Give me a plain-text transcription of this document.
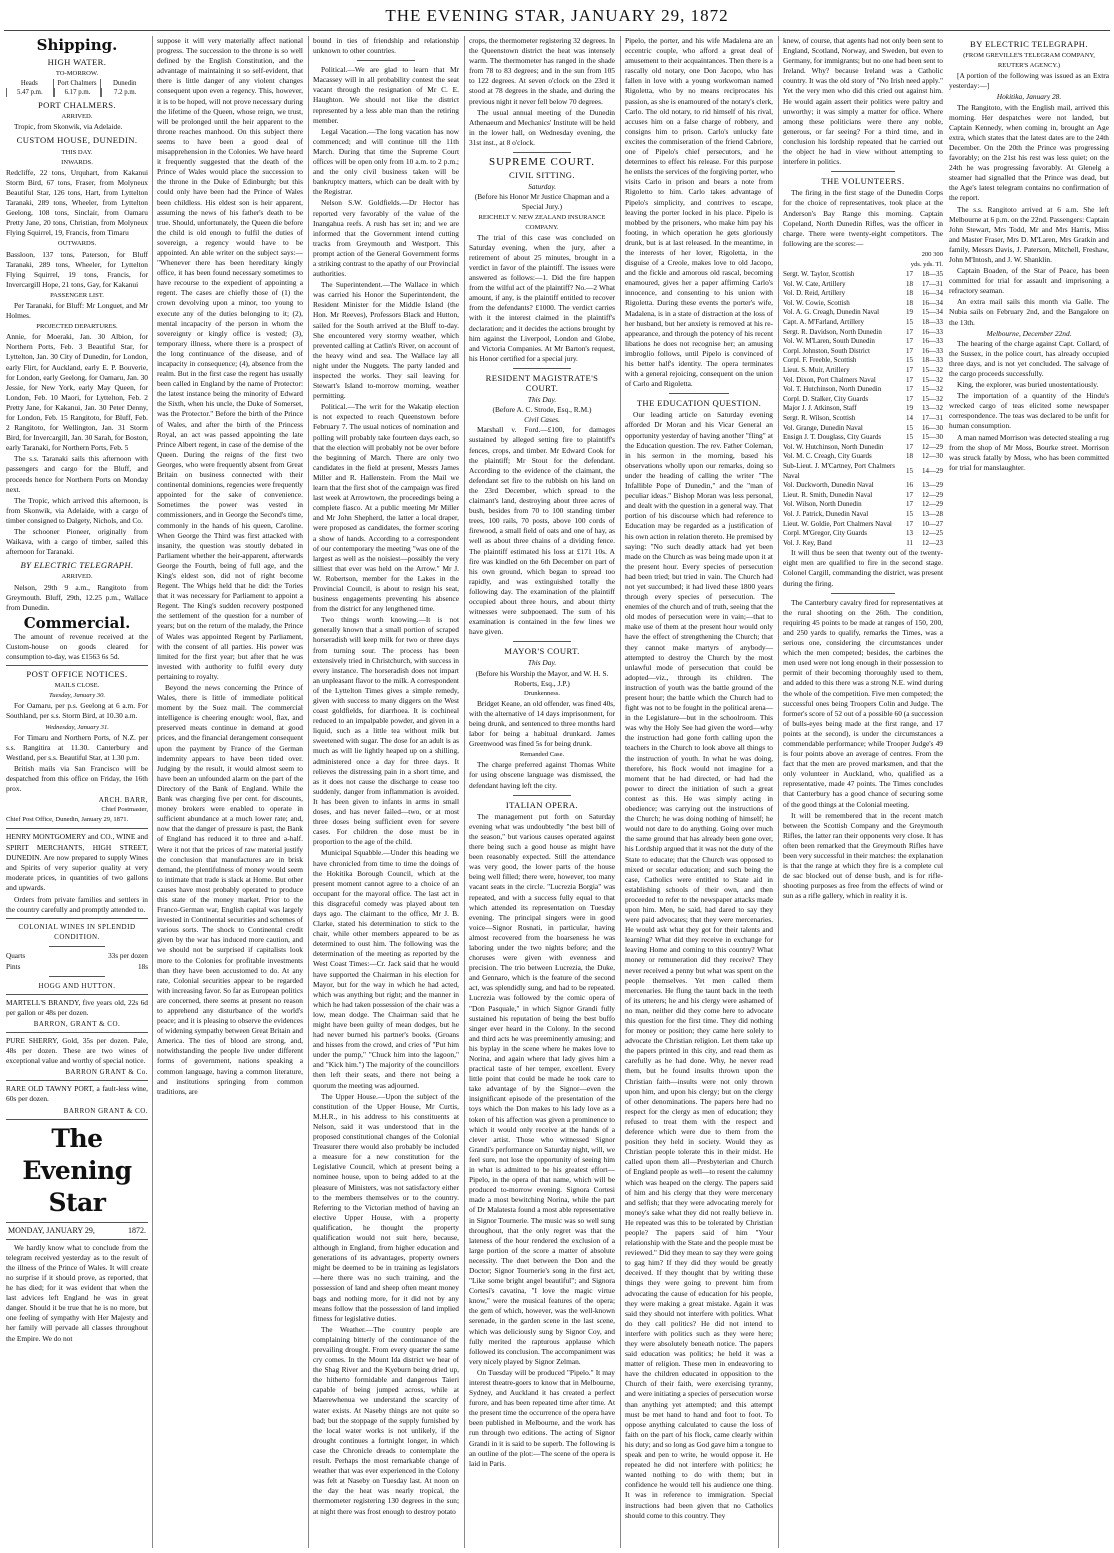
THE EVENING STAR, JANUARY 29, 1872
Shipping.
HIGH WATER.
TO-MORROW.
Heads
5.47 p.m.
Port Chalmers
6.17 p.m.
Dunedin
7.2 p.m.
PORT CHALMERS.
ARRIVED.

Tropic, from Skonwik, via Adelaide.

CUSTOM HOUSE, DUNEDIN.
THIS DAY.
INWARDS.

Redcliffe, 22 tons, Urquhart, from Kakanui Storm Bird, 67 tons, Fraser, from Molyneux Beautiful Star, 126 tons, Hart, from Lyttelton Taranaki, 289 tons, Wheeler, from Lyttelton Geelong, 108 tons, Sinclair, from Oamaru Pretty Jane, 20 tons, Christian, from Molyneux Flying Squirrel, 19, Francis, from Timaru

OUTWARDS.

Bassloon, 137 tons, Paterson, for Bluff Taranaki, 289 tons, Wheeler, for Lyttelton Flying Squirrel, 19 tons, Francis, for Invercargill Hope, 21 tons, Gay, for Kakanui

PASSENGER LIST.

Per Taranaki, for Bluff: Mr Longuet, and Mr Holmes.

PROJECTED DEPARTURES.

Annie, for Moeraki, Jan. 30 Albion, for Northern Ports, Feb. 3 Beautiful Star, for Lyttelton, Jan. 30 City of Dunedin, for London, early Flirt, for Auckland, early E. P. Bouverie, for London, early Geelong, for Oamaru, Jan. 30 Jessie, for New York, early May Queen, for London, Feb. 10 Maori, for Lyttelton, Feb. 2 Pretty Jane, for Kakanui, Jan. 30 Peter Denny, for London, Feb. 15 Rangitoto, for Bluff, Feb. 2 Rangitoto, for Wellington, Jan. 31 Storm Bird, for Invercargill, Jan. 30 Sarah, for Boston, early Taranaki, for Northern Ports, Feb. 5

The s.s. Taranaki sails this afternoon with passengers and cargo for the Bluff, and proceeds hence for Northern Ports on Monday next.

The Tropic, which arrived this afternoon, is from Skonwik, via Adelaide, with a cargo of timber consigned to Dalgety, Nichols, and Co.

The schooner Pioneer, originally from Waikava, with a cargo of timber, sailed this afternoon for Taranaki.

BY ELECTRIC TELEGRAPH.
ARRIVED.

Nelson, 29th 9 a.m., Rangitoto from Greymouth. Bluff, 29th, 12.25 p.m., Wallace from Dunedin.

Commercial.

The amount of revenue received at the Custom-house on goods cleared for consumption to-day, was £1563 6s 5d.

POST OFFICE NOTICES.
MAILS CLOSE.
Tuesday, January 30.

For Oamaru, per p.s. Geelong at 6 a.m. For Southland, per s.s. Storm Bird, at 10.30 a.m.

Wednesday, January 31.

For Timaru and Northern Ports, of N.Z. per s.s. Rangitira at 11.30. Canterbury and Westland, per s.s. Beautiful Star, at 1.30 p.m.

British mails via San Francisco will be despatched from this office on Friday, the 16th prox.

ARCH. BARR,
Chief Postmaster,

Chief Post Office, Dunedin, January 29, 1871.

HENRY MONTGOMERY and CO., WINE and SPIRIT MERCHANTS, HIGH STREET, DUNEDIN. Are now prepared to supply Wines and Spirits of very superior quality at very moderate prices, in quantities of two gallons and upwards.

Orders from private families and settlers in the country carefully and promptly attended to.

COLONIAL WINES IN SPLENDID CONDITION.
Quarts	33s per dozen
Pints	18s
HOGG AND HUTTON.

MARTELL'S BRANDY, five years old, 22s 6d per gallon or 48s per dozen.

BARRON, GRANT & CO.

PURE SHERRY, Gold, 35s per dozen. Pale, 48s per dozen. These are two wines of exceptional value and worthy of special notice.

BARRON GRANT & Co.

RARE OLD TAWNY PORT, a fault-less wine, 60s per dozen.

BARRON GRANT & CO.
The Evening Star
MONDAY, JANUARY 29,	1872.

We hardly know what to conclude from the telegram received yesterday as to the result of the illness of the Prince of Wales. It will create no surprise if it should prove, as reported, that he has died; for it was evident that when the last advices left England he was in great danger. Should it be true that he is no more, but one feeling of sympathy with Her Majesty and her family will pervade all classes throughout the Empire. We do not

suppose it will very materially affect national progress. The succession to the throne is so well defined by the English Constitution, and the advantage of maintaining it so self-evident, that there is little danger of any violent changes consequent upon even a regency. This, however, it is to be hoped, will not prove necessary during the lifetime of the Queen, whose reign, we trust, will be prolonged until the heir apparent to the throne reaches manhood. On this subject there seems to have been a good deal of misapprehension in the Colonies. We have heard it frequently suggested that the death of the Prince of Wales would place the succession to the throne in the Duke of Edinburgh; but this could only have been had the Prince of Wales been childless. His eldest son is heir apparent, assuming the news of his father's death to be true. Should, unfortunately, the Queen die before the child is old enough to fulfil the duties of sovereign, a regency would have to be appointed. An able writer on the subject says:— "Whenever there has been hereditary kingly office, it has been found necessary sometimes to have recourse to the expedient of appointing a regent. The cases are chiefly those of (1) the crown devolving upon a minor, too young to execute any of the duties belonging to it; (2), mental incapacity of the person in whom the sovereignty or kingly office is vested; (3), temporary illness, where there is a prospect of the long continuance of the disease, and of incapacity in consequence; (4), absence from the realm. But in the first case the regent has usually been called in England by the name of Protector: the latest instance being the minority of Edward the Sixth, when his uncle, the Duke of Somerset, was the Protector." Before the birth of the Prince of Wales, and after the birth of the Princess Royal, an act was passed appointing the late Prince Albert regent, in case of the demise of the Queen. During the reigns of the first two Georges, who were frequently absent from Great Britain on business connected with their continental dominions, regencies were frequently appointed for the sake of convenience. Sometimes the power was vested in commissioners, and in George the Second's time, commonly in the hands of his queen, Caroline. When George the Third was first attacked with insanity, the question was stoutly debated in Parliament whether the heir-apparent, afterwards George the Fourth, being of full age, and the King's eldest son, did not of right become Regent. The Whigs held that he did: the Tories that it was necessary for Parliament to appoint a Regent. The King's sudden recovery postponed the settlement of the question for a number of years; but on the return of the malady, the Prince of Wales was appointed Regent by Parliament, with the consent of all parties. His power was limited for the first year; but after that he was invested with authority to fulfil every duty pertaining to royalty.

Beyond the news concerning the Prince of Wales, there is little of immediate political moment by the Suez mail. The commercial intelligence is cheering enough: wool, flax, and preserved meats continue in demand at good prices, and the financial derangement consequent upon the payment by France of the German indemnity appears to have been tided over. Judging by the result, it would almost seem to have been an unfounded alarm on the part of the Directory of the Bank of England. While the Bank was charging five per cent. for discounts, money brokers were enabled to operate in sufficient abundance at a much lower rate; and, now that the danger of pressure is past, the Bank of England has reduced it to three and a-half. Were it not that the prices of raw material justify the conclusion that manufactures are in brisk demand, the plentifulness of money would seem to intimate that trade is slack at Home. But other causes have most probably operated to produce this state of the money market. Prior to the Franco-German war, English capital was largely invested in Continental securities and schemes of various sorts. The shock to Continental credit given by the war has induced more caution, and we should not be surprised if capitalists look more to the Colonies for profitable investments than they have been accustomed to do. At any rate, Colonial securities appear to be regarded with increasing favor. So far as European politics are concerned, there seems at present no reason to apprehend any disturbance of the world's peace; and it is pleasing to observe the evidences of widening sympathy between Great Britain and America. The ties of blood are strong, and, notwithstanding the people live under different forms of government, nations speaking a common language, having a common literature, and institutions springing from common traditions, are

bound in ties of friendship and relationship unknown to other countries.

Political.—We are glad to learn that Mr Macassey will in all probability contest the seat vacant through the resignation of Mr C. E. Haughton. We should not like the district represented by a less able man than the retiring member.

Legal Vacation.—The long vacation has now commenced; and will continue till the 11th March. During that time the Supreme Court offices will be open only from 10 a.m. to 2 p.m.; and the only civil business taken will be bankruptcy matters, which can be dealt with by the Registrar.

Nelson S.W. Goldfields.—Dr Hector has reported very favorably of the value of the Inangahua reefs. A rush has set in; and we are informed that the Government intend cutting tracks from Greymouth and Westport. This prompt action of the General Government forms a striking contrast to the apathy of our Provincial authorities.

The Superintendent.—The Wallace in which was carried his Honor the Superintendent, the Resident Minister for the Middle Island (the Hon. Mr Reeves), Professors Black and Hutton, sailed for the South arrived at the Bluff to-day. She encountered very stormy weather, which prevented calling at Catlin's River, on account of the heavy wind and sea. The Wallace lay all night under the Nuggets. The party landed and inspected the works. They sail leaving for Stewart's Island to-morrow morning, weather permitting.

Political.—The writ for the Wakatip election is not expected to reach Queenstown before February 7. The usual notices of nomination and polling will probably take fourteen days each, so that the election will probably not be over before the beginning of March. There are only two candidates in the field at present, Messrs James Miller and R. Hallenstein. From the Mail we learn that the first shot of the campaign was fired last week at Arrowtown, the proceedings being a complete fiasco. At a public meeting Mr Miller and Mr John Shepherd, the latter a local draper, were proposed as candidates, the former scoring a show of hands. According to a correspondent of our contemporary the meeting "was one of the largest as well as the noisiest—possibly the very silliest that ever was held on the Arrow." Mr J. W. Robertson, member for the Lakes in the Provincial Council, is about to resign his seat, business engagements preventing his absence from the district for any lengthened time.

Two things worth knowing.—It is not generally known that a small portion of scraped horseradish will keep milk for two or three days from turning sour. The process has been extensively tried in Christchurch, with success in every instance. The horseradish does not impart an unpleasant flavor to the milk. A correspondent of the Lyttelton Times gives a simple remedy, given with success to many diggers on the West coast goldfields, for diarrhoea. It is cochineal reduced to an impalpable powder, and given in a liquid, such as a little tea without milk but sweetened with sugar. The dose for an adult is as much as will lie lightly heaped up on a shilling, administered once a day for three days. It relieves the distressing pain in a short time, and as it does not cause the discharge to cease too suddenly, danger from inflammation is avoided. It has been given to infants in arms in small doses, and has never failed—two, or at most three doses being sufficient even for severe cases. For children the dose must be in proportion to the age of the child.

Municipal Squabble.—Under this heading we have chronicled from time to time the doings of the Hokitika Borough Council, which at the present moment cannot agree to a choice of an occupant for the mayoral office. The last act in this disgraceful comedy was played about ten days ago. The claimant to the office, Mr J. B. Clarke, stated his determination to stick to the chair, while other members appeared to be as determined to oust him. The following was the determination of the meeting as reported by the West Coast Times:—Cr. Jack said that he would have supported the Chairman in his election for Mayor, but for the way in which he had acted, which was anything but right; and the manner in which he had taken possession of the chair was a low, mean dodge. The Chairman said that he might have been guilty of mean dodges, but he had never burned his partner's books. (Groans and hisses from the crowd, and cries of "Put him under the pump," "Chuck him into the lagoon," and "Kick him.") The majority of the councillors then left their seats, and there not being a quorum the meeting was adjourned.

The Upper House.—Upon the subject of the constitution of the Upper House, Mr Curtis, M.H.R., in his address to his constituents at Nelson, said it was understood that in the proposed constitutional changes of the Colonial Treasurer there would also probably be included a measure for a new constitution for the Legislative Council, which at present being a nominee house, upon to being added to at the pleasure of Ministers, was not satisfactory either to the members themselves or to the country. Referring to the Victorian method of having an elective Upper House, with a property qualification, he thought the property qualification would not suit here, because, although in England, from higher education and generations of its advantages, property owners might be deemed to be in training as legislators—here there was no such training, and the possession of land and sheep often meant money bags and nothing more, for it did not by any means follow that the possession of land implied fitness for legislative duties.

The Weather.—The country people are complaining bitterly of the continuance of the prevailing drought. From every quarter the same cry comes. In the Mount Ida district we hear of the Shag River and the Kyeburn being dried up, the hitherto formidable and dangerous Taieri capable of being jumped across, while at Maerewhenua we understand the scarcity of water exists. At Naseby things are not quite so bad; but the stoppage of the supply furnished by the local water works is not unlikely, if the drought continues a fortnight longer, in which case the Chronicle dreads to contemplate the result. Perhaps the most remarkable change of weather that was ever experienced in the Colony was felt at Naseby on Tuesday last. At noon on the day the heat was nearly tropical, the thermometer registering 130 degrees in the sun; at night there was frost enough to destroy potato

crops, the thermometer registering 32 degrees. In the Queenstown district the heat was intensely warm. The thermometer has ranged in the shade from 78 to 83 degrees; and in the sun from 105 to 122 degrees. At seven o'clock on the 23rd it stood at 78 degrees in the shade, and during the previous night it never fell below 70 degrees.

The usual annual meeting of the Dunedin Athenaeum and Mechanics' Institute will be held in the lower hall, on Wednesday evening, the 31st inst., at 8 o'clock.

SUPREME COURT.
CIVIL SITTING.
Saturday.
(Before his Honor Mr Justice Chapman and a Special Jury.)
REICHELT V. NEW ZEALAND INSURANCE COMPANY.

The trial of this case was concluded on Saturday evening, when the jury, after a retirement of about 25 minutes, brought in a verdict in favor of the plaintiff. The issues were answered as follows:—1. Did the fire happen from the wilful act of the plaintiff? No.—2 What amount, if any, is the plaintiff entitled to recover from the defendants? £1000. The verdict carries with it the interest claimed in the plaintiff's declaration; and it decides the actions brought by him against the Liverpool, London and Globe, and Victoria Companies. At Mr Barton's request, his Honor certified for a special jury.

RESIDENT MAGISTRATE'S COURT.
This Day.
(Before A. C. Strode, Esq., R.M.)
Civil Cases.

Marshall v. Ford.—£100, for damages sustained by alleged setting fire to plaintiff's fences, crops, and timber. Mr Edward Cook for the plaintiff; Mr Stout for the defendant. According to the evidence of the claimant, the defendant set fire to the rubbish on his land on the 23rd December, which spread to the claimant's land, destroying about three acres of bush, besides from 70 to 100 standing timber trees, 100 rails, 70 posts, above 100 cords of firewood, a small field of oats and one of hay, as well as about three chains of a dividing fence. The plaintiff estimated his loss at £171 10s. A fire was kindled on the 6th December on part of his own ground, which began to spread too rapidly, and was extinguished totally the following day. The examination of the plaintiff occupied about three hours, and about thirty witnesses were subpoenaed. The sum of his examination is contained in the few lines we have given.

MAYOR'S COURT.
This Day.
(Before his Worship the Mayor, and W. H. S. Roberts, Esq., J.P.)
Drunkenness.

Bridget Keane, an old offender, was fined 40s, with the alternative of 14 days imprisonment, for being drunk, and sentenced to three months hard labor for being a habitual drunkard. James Greenwood was fined 5s for being drunk.

Remanded Case.

The charge preferred against Thomas White for using obscene language was dismissed, the defendant having left the city.

ITALIAN OPERA.

The management put forth on Saturday evening what was undoubtedly "the best bill of the season," but various causes operated against there being such a good house as might have been reasonably expected. Still the attendance was very good, the lower parts of the house being well filled; there were, however, too many vacant seats in the circle. "Lucrezia Borgia" was repeated, and with a success fully equal to that which attended its representation on Tuesday evening. The principal singers were in good voice—Signor Rosnati, in particular, having almost recovered from the hoarseness he was laboring under the two nights before; and the choruses were given with evenness and precision. The trio between Lucrezia, the Duke, and Gennaro, which is the feature of the second act, was splendidly sung, and had to be repeated. Lucrezia was followed by the comic opera of "Don Pasquale," in which Signor Grandi fully sustained his reputation of being the best buffo singer ever heard in the Colony. In the second and third acts he was preeminently amusing; and his byplay in the scene where he makes love to Norina, and again where that lady gives him a practical taste of her temper, excellent. Every little point that could be made he took care to take advantage of by the Signor—even the insignificant episode of the presentation of the toys which the Don makes to his lady love as a token of his affection was given a prominence to which it would only receive at the hands of a clever artist. Those who witnessed Signor Grandi's performance on Saturday night, will, we feel sure, not lose the opportunity of seeing him in what is admitted to be his greatest effort—Pipelo, in the opera of that name, which will be produced to-morrow evening. Signora Cortesi made a most bewitching Norina, while the part of Dr Malatesta found a most able representative in Signor Tournerie. The music was so well sung throughout, that the only regret was that the lateness of the hour rendered the exclusion of a large portion of the score a matter of absolute necessity. The duet between the Don and the Doctor; Signor Tournerie's song in the first act, "Like some bright angel beautiful"; and Signora Cortesi's cavatina, "I love the magic virtue know," were the musical features of the opera; the gem of which, however, was the well-known serenade, in the garden scene in the last scene, which was deliciously sung by Signor Coy, and fully merited the rapturous applause which followed its conclusion. The accompaniment was very nicely played by Signor Zelman.

On Tuesday will be produced "Pipelo." It may interest theatre-goers to know that in Melbourne, Sydney, and Auckland it has created a perfect furore, and has been repeated time after time. At the present time the occurrence of the opera have been published in Melbourne, and the work has run through two editions. The acting of Signor Grandi in it is said to be superb. The following is an outline of the plot:—The scene of the opera is laid in Paris.

Pipelo, the porter, and his wife Madalena are an eccentric couple, who afford a great deal of amusement to their acquaintances. Then there is a rascally old notary, one Don Jacopo, who has fallen in love with a young workwoman named Rigoletta, who by no means reciprocates his passion, as she is enamoured of the notary's clerk, Carlo. The old notary, to rid himself of his rival, accuses him on a false charge of robbery, and consigns him to prison. Carlo's unlucky fate excites the commiseration of the friend Cabriore, one of Pipelo's chief persecutors, and he determines to effect his release. For this purpose he enlists the services of the forgiving porter, who visits Carlo in prison and bears a note from Rigoletto to him. Carlo takes advantage of Pipelo's simplicity, and contrives to escape, leaving the porter locked in his place. Pipelo is mobbed by the prisoners, who make him pay his footing, in which operation he gets gloriously drunk, but is at last released. In the meantime, in the interests of her lover, Rigoletta, in the disguise of a Creole, makes love to old Jacopo, and the fickle and amorous old rascal, becoming enamoured, gives her a paper affirming Carlo's innocence, and consenting to his union with Rigoletta. During these events the porter's wife, Madalena, is in a state of distraction at the loss of her husband, but her anxiety is removed at his re-appearance, and through the potency of his recent libations he does not recognise her; an amusing imbroglio follows, until Pipelo is convinced of his better half's identity. The opera terminates with a general rejoicing, consequent on the union of Carlo and Rigoletta.

THE EDUCATION QUESTION.

Our leading article on Saturday evening afforded Dr Moran and his Vicar General an opportunity yesterday of having another "fling" at the Education question. The rev. Father Coleman, in his sermon in the morning, based his observations wholly upon our remarks, doing so under the heading of calling the writer "The Infallible Pope of Dunedin," and the "man of peculiar ideas." Bishop Moran was less personal, and dealt with the question in a general way. That portion of his discourse which had reference to Education may be regarded as a justification of his own action in relation thereto. He premised by saying: "No such deadly attack had yet been made on the Church as was being made upon it at the present hour. Every species of persecution had been tried; but tried in vain. The Church had not yet succumbed; it had lived these 1800 years through every species of persecution. The enemies of the church and of truth, seeing that the old modes of persecution were in vain;—that to make use of them at the present hour would only have the effect of strengthening the Church; that they cannot make martyrs of anybody—attempted to destroy the Church by the most unlawful mode of persecution that could be adopted—viz., through its children. The instruction of youth was the battle ground of the present hour; the battle which the Church had to fight was not to be fought in the political arena—in the Legislature—but in the schoolroom. This was why the Holy See had given the word—why the instruction had gone forth calling upon the teachers in the Church to look above all things to the instruction of youth. In what he was doing, therefore, his flock would not imagine for a moment that he had directed, or had had the power to direct the initiation of such a great contest as this. He was simply acting in obedience; was carrying out the instructions of the Church; he was doing nothing of himself; he would not dare to do anything. Going over much the same ground that has already been gone over, his Lordship argued that it was not the duty of the State to educate; that the Church was opposed to mixed or secular education; and such being the case, Catholics were entitled to State aid in establishing schools of their own, and then proceeded to refer to the newspaper attacks made upon him. Men, he said, had dared to say they were paid advocates; that they were mercenaries. He would ask what they got for their talents and learning? What did they receive in exchange for leaving Home and coming to this country? What money or remuneration did they receive? They never received a penny but what was spent on the people themselves. Yet men called them mercenaries. He flung the taunt back in the teeth of its utterers; he and his clergy were ashamed of no man, neither did they come here to advocate this question for the first time. They did nothing for money or position; they came here solely to advocate the Christian religion. Let them take up the papers printed in this city, and read them as carefully as he had done. Why, he never read them, but he found insults thrown upon the Christian faith—insults were not only thrown upon him, and upon his clergy; but on the clergy of other denominations. The papers here had no respect for the clergy as men of education; they refused to treat them with the respect and deference which were due to them from the position they held in society. Would they as Christian people tolerate this in their midst. He called upon them all—Presbyterian and Church of England people as well—to resent the calumny which was heaped on the clergy. The papers said of him and his clergy that they were mercenary and selfish; that they were advocating merely for money's sake what they did not really believe in. He repeated was this to be tolerated by Christian people? The papers said of him "Your relationship with the State and the people must be reviewed." Did they mean to say they were going to gag him? If they did they would be greatly deceived. If they thought that by writing these things they were going to prevent him from advocating the cause of education for his people, they were making a great mistake. Again it was said they should not interfere with politics. What do they call politics? He did not intend to interfere with politics such as they were here; they were absolutely beneath notice. The papers said education was politics; he held it was a matter of religion. These men in endeavoring to have the children educated in opposition to the Church of their faith, were exercising tyranny, and were initiating a species of persecution worse than anything yet attempted; and this attempt must be met hand to hand and foot to foot. To oppose anything calculated to cause the loss of faith on the part of his flock, came clearly within his duty; and so long as God gave him a tongue to speak and pen to write, he would oppose it. He repeated he did not interfere with politics; he wanted nothing to do with them; but in confidence he would tell his audience one thing. It was in reference to immigration. Special instructions had been given that no Catholics should come to this country. They

knew, of course, that agents had not only been sent to England, Scotland, Norway, and Sweden, but even to Germany, for immigrants; but no one had been sent to Ireland. Why? because Ireland was a Catholic country. It was the old story of "No Irish need apply." Yet the very men who did this cried out against him. He would again assert their politics were paltry and unworthy; it was simply a matter for office. Where among these politicians were there any noble, generous, or far seeing? For a third time, and in conclusion his lordship repeated that he carried out the object he had in view without attempting to interfere in politics.

THE VOLUNTEERS.

The firing in the first stage of the Dunedin Corps for the choice of representatives, took place at the Anderson's Bay Range this morning. Captain Copeland, North Dunedin Rifles, was the officer in charge. There were twenty-eight competitors. The following are the scores:—

200 300
yds. yds. Tl.
Sergt. W. Taylor, Scottish	17	18—35
Vol. W. Cate, Artillery	18	17—31
Vol. D. Reid, Artillery	18	16—34
Vol. W. Cowie, Scottish	18	16—34
Vol. A. G. Creagh, Dunedin Naval	19	15—34
Capt. A. M'Farland, Artillery	15	18—33
Sergt. R. Davidson, North Dunedin	17	16—33
Vol. W. M'Laren, South Dunedin	17	16—33
Corpl. Johnston, South District	17	16—33
Corpl. F. Freeble, Scottish	15	18—33
Lieut. S. Muir, Artillery	17	15—32
Vol. Dixon, Port Chalmers Naval	17	15—32
Vol. T. Hutchinson, North Dunedin	17	15—32
Corpl. D. Stalker, City Guards	17	15—32
Major J. J. Atkinson, Staff	19	13—32
Sergt. R. Wilson, Scottish	14	17—31
Vol. Grange, Dunedin Naval	15	16—30
Ensign J. T. Douglass, City Guards	15	15—30
Vol. W. Hutchinson, North Dunedin	17	12—29
Vol. M. C. Creagh, City Guards	18	12—30
Sub-Lieut. J. M'Cartney, Port Chalmers Naval	15	14—29
Vol. Duckworth, Dunedin Naval	16	13—29
Lieut. R. Smith, Dunedin Naval	17	12—29
Vol. Wilson, North Dunedin	17	12—29
Vol. J. Patrick, Dunedin Naval	15	13—28
Lieut. W. Goldie, Port Chalmers Naval	17	10—27
Corpl. M'Gregor, City Guards	13	12—25
Vol. J. Key, Band	11	12—23

It will thus be seen that twenty out of the twenty-eight men are qualified to fire in the second stage. Colonel Cargill, commanding the district, was present during the firing.

The Canterbury cavalry fired for representatives at the rural shooting on the 26th. The condition, requiring 45 points to be made at ranges of 150, 200, and 250 yards to qualify, remarks the Times, was a serious one, considering the circumstances under which the men competed; besides, the carbines the men used were not long enough in their possession to permit of their becoming thoroughly used to them, and added to this there was a strong N.E. wind during the whole of the competition. Five men competed; the successful ones being Troopers Colin and Judge. The former's score of 52 out of a possible 60 (a succession of bulls-eyes being made at the first range, and 17 points at the second), is under the circumstances a commendable performance; while Trooper Judge's 49 is four points above an average of centres. From the fact that the men are proved marksmen, and that the only volunteer in Auckland, who, qualified as a representative, made 47 points. The Times concludes that Canterbury has a good chance of securing some of the good things at the Colonial meeting.

It will be remembered that in the recent match between the Scottish Company and the Greymouth Rifles, the latter ran their opponents very close. It has often been remarked that the Greymouth Rifles have been very successful in their matches: the explanation is that the range at which they fire is a complete cul de sac blocked out of dense bush, and is for rifle-shooting purposes as free from the effects of wind or sun as a rifle gallery, which in reality it is.

BY ELECTRIC TELEGRAPH.
(FROM GREVILLE'S TELEGRAM COMPANY, REUTER'S AGENCY.)

[A portion of the following was issued as an Extra yesterday:—]

Hokitika, January 28.

The Rangitoto, with the English mail, arrived this morning. Her despatches were not landed, but Captain Kennedy, when coming in, brought an Age extra, which states that the latest dates are to the 24th December. On the 20th the Prince was progressing favorably; on the 21st his rest was less quiet; on the 24th he was progressing favorably. At Glenelg a steamer had signalled that the Prince was dead, but the Age's latest telegram contains no confirmation of the report.

The s.s. Rangitoto arrived at 6 a.m. She left Melbourne at 6 p.m. on the 22nd. Passengers: Captain John Stewart, Mrs Todd, Mr and Mrs Harris, Miss and Master Fraser, Mrs D. M'Laren, Mrs Gratkin and family, Messrs Davis, J. Paterson, Mitchell, Freshaw, John M'Intosh, and J. W. Shanklin.

Captain Boaden, of the Star of Peace, has been committed for trial for assault and imprisoning a refractory seaman.

An extra mail sails this month via Galle. The Nubia sails on February 2nd, and the Bangalore on the 13th.

Melbourne, December 22nd.

The hearing of the charge against Capt. Collard, of the Sussex, in the police court, has already occupied three days, and is not yet concluded. The salvage of the cargo proceeds successfully.

King, the explorer, was buried unostentatiously.

The importation of a quantity of the Hindu's wrecked cargo of teas elicited some newspaper correspondence. The teas was declared to be unfit for human consumption.

A man named Morrison was detected stealing a rug from the shop of Mr Moss, Bourke street. Morrison was struck fatally by Moss, who has been committed for trial for manslaughter.
